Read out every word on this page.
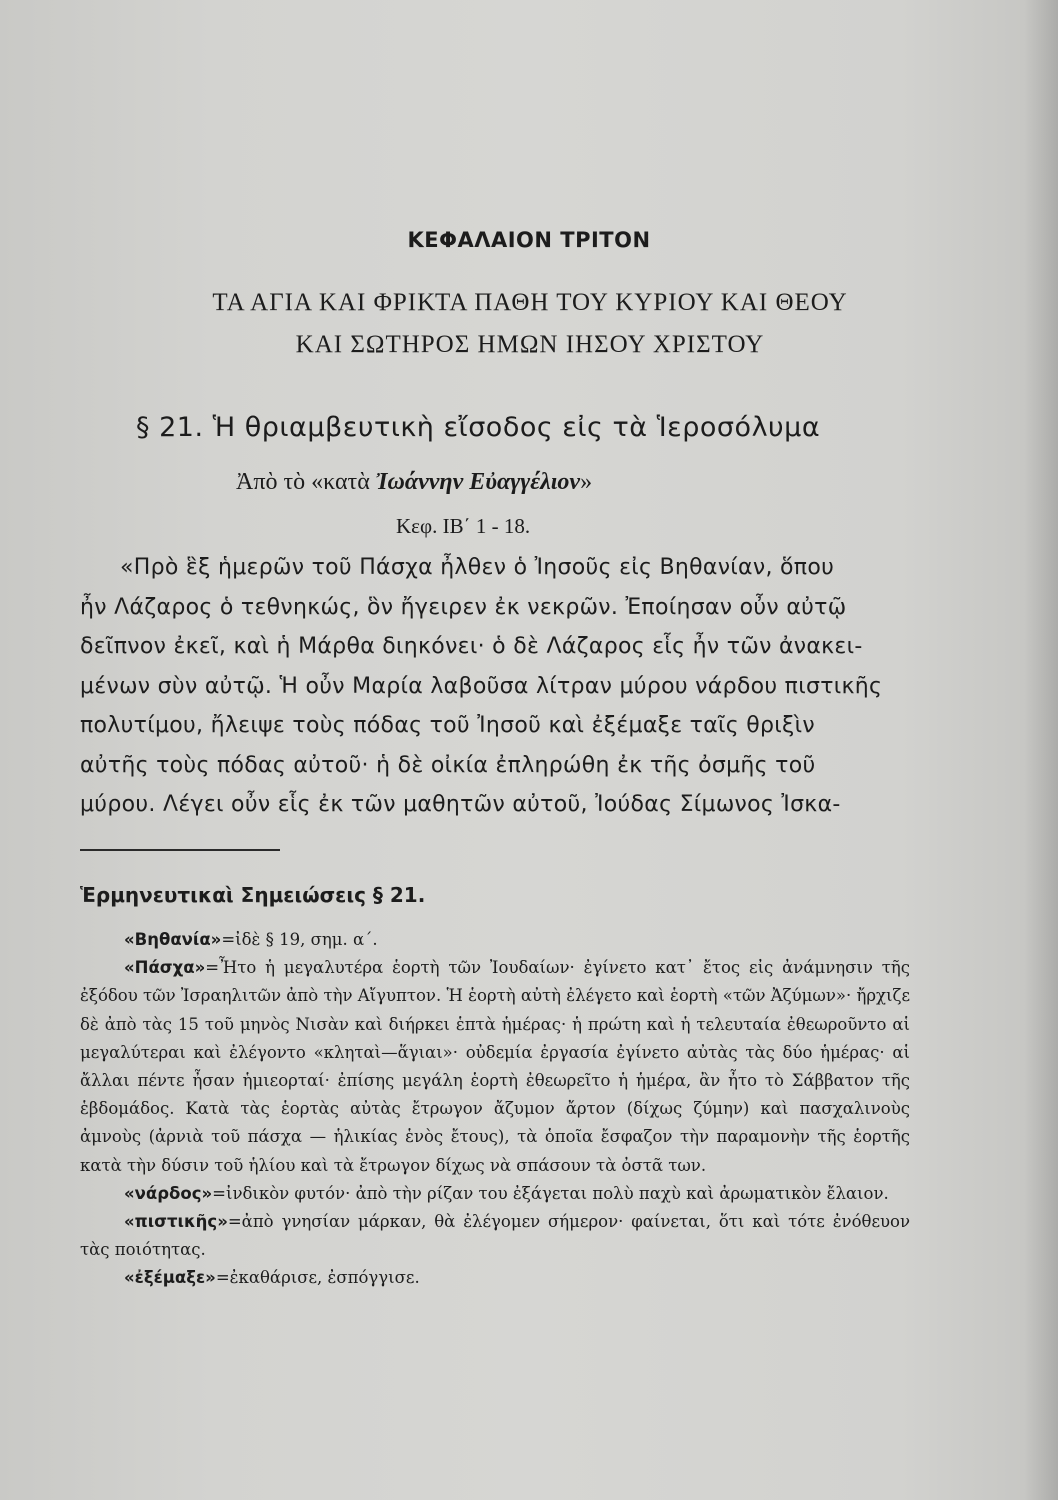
ΚΕΦΑΛΑΙΟΝ ΤΡΙΤΟΝ
ΤΑ ΑΓΙΑ ΚΑΙ ΦΡΙΚΤΑ ΠΑΘΗ ΤΟΥ ΚΥΡΙΟΥ ΚΑΙ ΘΕΟΥ
ΚΑΙ ΣΩΤΗΡΟΣ ΗΜΩΝ ΙΗΣΟΥ ΧΡΙΣΤΟΥ
§ 21. Ἡ θριαμβευτικὴ εἴσοδος εἰς τὰ Ἱεροσόλυμα
Ἀπὸ τὸ «κατὰ Ἰωάννην Εὐαγγέλιον»
Κεφ. ΙΒ΄ 1 - 18.
«Πρὸ ἓξ ἡμερῶν τοῦ Πάσχα ἦλθεν ὁ Ἰησοῦς εἰς Βηθανίαν, ὅπου
ἦν Λάζαρος ὁ τεθνηκώς, ὃν ἤγειρεν ἐκ νεκρῶν. Ἐποίησαν οὖν αὐτῷ
δεῖπνον ἐκεῖ, καὶ ἡ Μάρθα διηκόνει· ὁ δὲ Λάζαρος εἷς ἦν τῶν ἀνακει-
μένων σὺν αὐτῷ. Ἡ οὖν Μαρία λαβοῦσα λίτραν μύρου νάρδου πιστικῆς
πολυτίμου, ἤλειψε τοὺς πόδας τοῦ Ἰησοῦ καὶ ἐξέμαξε ταῖς θριξὶν
αὐτῆς τοὺς πόδας αὐτοῦ· ἡ δὲ οἰκία ἐπληρώθη ἐκ τῆς ὀσμῆς τοῦ
μύρου. Λέγει οὖν εἷς ἐκ τῶν μαθητῶν αὐτοῦ, Ἰούδας Σίμωνος Ἰσκα-
Ἑρμηνευτικαὶ Σημειώσεις § 21.

«Βηθανία»=ἰδὲ § 19, σημ. α΄.

«Πάσχα»=Ἦτο ἡ μεγαλυτέρα ἑορτὴ τῶν Ἰουδαίων· ἐγίνετο κατ᾽ ἔτος εἰς ἀνάμνησιν τῆς ἐξόδου τῶν Ἰσραηλιτῶν ἀπὸ τὴν Αἴγυπτον. Ἡ ἑορτὴ αὐτὴ ἐλέγετο καὶ ἑορτὴ «τῶν Ἀζύμων»· ἤρχιζε δὲ ἀπὸ τὰς 15 τοῦ μηνὸς Νισὰν καὶ διήρκει ἑπτὰ ἡμέρας· ἡ πρώτη καὶ ἡ τελευταία ἐθεωροῦντο αἱ μεγαλύτεραι καὶ ἐλέγοντο «κληταὶ—ἅγιαι»· οὐδεμία ἐργασία ἐγίνετο αὐτὰς τὰς δύο ἡμέρας· αἱ ἄλλαι πέντε ἦσαν ἡμιεορταί· ἐπίσης μεγάλη ἑορτὴ ἐθεωρεῖτο ἡ ἡμέρα, ἂν ἦτο τὸ Σάββατον τῆς ἑβδομάδος. Κατὰ τὰς ἑορτὰς αὐτὰς ἔτρωγον ἄζυμον ἄρτον (δίχως ζύμην) καὶ πασχαλινοὺς ἀμνοὺς (ἀρνιὰ τοῦ πάσχα — ἡλικίας ἑνὸς ἔτους), τὰ ὁποῖα ἔσφαζον τὴν παραμονὴν τῆς ἑορτῆς κατὰ τὴν δύσιν τοῦ ἡλίου καὶ τὰ ἔτρωγον δίχως νὰ σπάσουν τὰ ὀστᾶ των.

«νάρδος»=ἰνδικὸν φυτόν· ἀπὸ τὴν ρίζαν του ἐξάγεται πολὺ παχὺ καὶ ἀρωματικὸν ἔλαιον.

«πιστικῆς»=ἀπὸ γνησίαν μάρκαν, θὰ ἐλέγομεν σήμερον· φαίνεται, ὅτι καὶ τότε ἐνόθευον τὰς ποιότητας.

«ἐξέμαξε»=ἐκαθάρισε, ἐσπόγγισε.
